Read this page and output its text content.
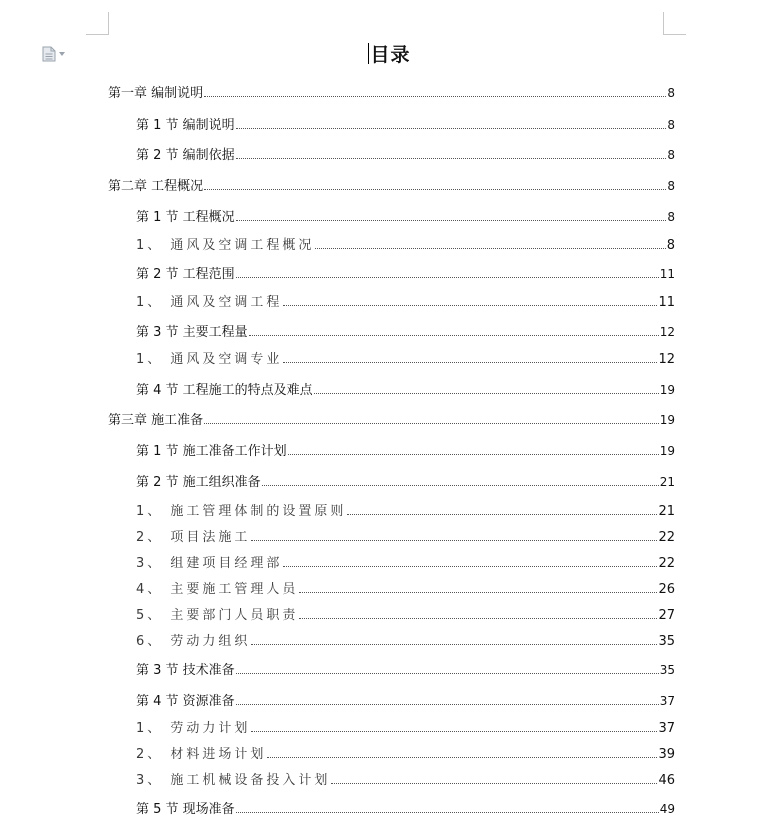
目录
第一章 编制说明	8
第 1 节 编制说明	8
第 2 节 编制依据	8
第二章 工程概况	8
第 1 节 工程概况	8
1、 通风及空调工程概况	8
第 2 节 工程范围	11
1、 通风及空调工程	11
第 3 节 主要工程量	12
1、 通风及空调专业	12
第 4 节 工程施工的特点及难点	19
第三章 施工准备	19
第 1 节 施工准备工作计划	19
第 2 节 施工组织准备	21
1、 施工管理体制的设置原则	21
2、 项目法施工	22
3、 组建项目经理部	22
4、 主要施工管理人员	26
5、 主要部门人员职责	27
6、 劳动力组织	35
第 3 节 技术准备	35
第 4 节 资源准备	37
1、 劳动力计划	37
2、 材料进场计划	39
3、 施工机械设备投入计划	46
第 5 节 现场准备	49
